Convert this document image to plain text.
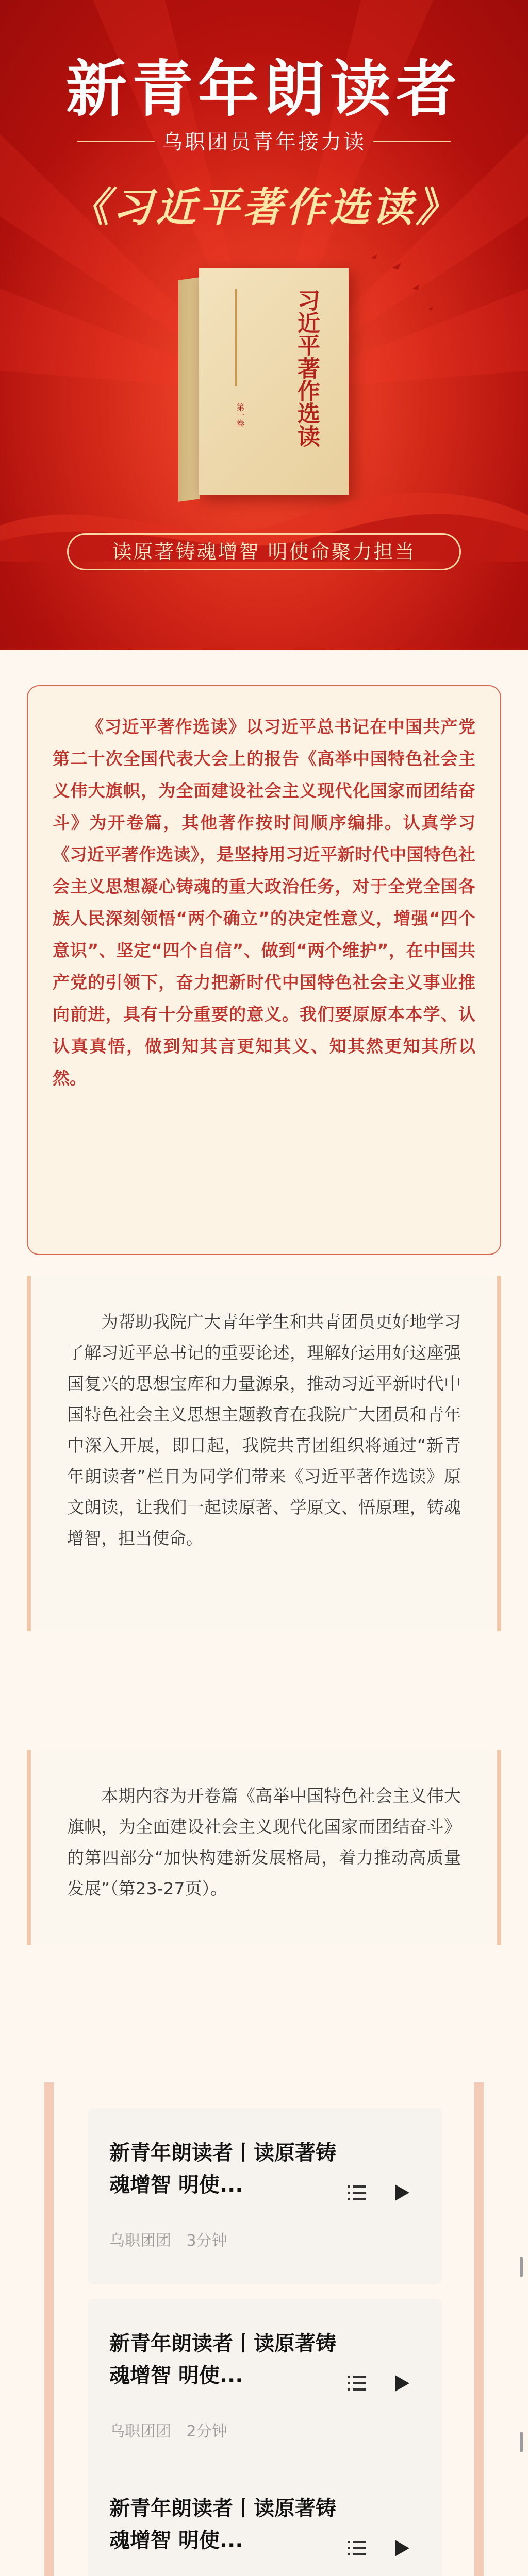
新青年朗读者
乌职团员青年接力读
《习近平著作选读》
习近平著作选读
第一卷
读原著铸魂增智 明使命聚力担当

《习近平著作选读》以习近平总书记在中国共产党第二十次全国代表大会上的报告《高举中国特色社会主义伟大旗帜，为全面建设社会主义现代化国家而团结奋斗》为开卷篇，其他著作按时间顺序编排。认真学习《习近平著作选读》，是坚持用习近平新时代中国特色社会主义思想凝心铸魂的重大政治任务，对于全党全国各族人民深刻领悟“两个确立”的决定性意义，增强“四个意识”、坚定“四个自信”、做到“两个维护”，在中国共产党的引领下，奋力把新时代中国特色社会主义事业推向前进，具有十分重要的意义。我们要原原本本学、认认真真悟，做到知其言更知其义、知其然更知其所以然。

为帮助我院广大青年学生和共青团员更好地学习了解习近平总书记的重要论述，理解好运用好这座强国复兴的思想宝库和力量源泉，推动习近平新时代中国特色社会主义思想主题教育在我院广大团员和青年中深入开展，即日起，我院共青团组织将通过“新青年朗读者”栏目为同学们带来《习近平著作选读》原文朗读，让我们一起读原著、学原文、悟原理，铸魂增智，担当使命。

本期内容为开卷篇《高举中国特色社会主义伟大旗帜，为全面建设社会主义现代化国家而团结奋斗》的第四部分“加快构建新发展格局，着力推动高质量发展”（第23-27页）。

新青年朗读者丨读原著铸魂增智 明使...
乌职团团 3分钟
新青年朗读者丨读原著铸魂增智 明使...
乌职团团 2分钟
新青年朗读者丨读原著铸魂增智 明使...
